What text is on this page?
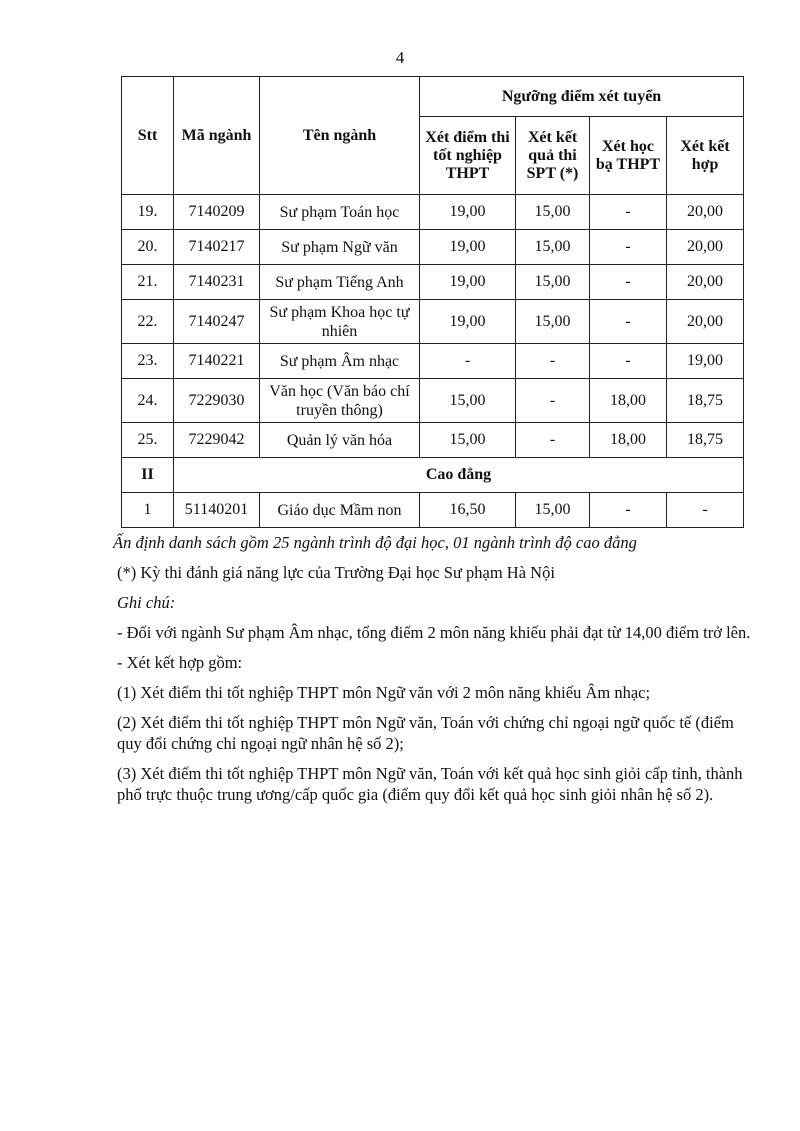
4
Stt	Mã ngành	Tên ngành	Ngưỡng điểm xét tuyển			
			Xét điểm thi tốt nghiệp THPT	Xét kết quả thi SPT (*)	Xét học bạ THPT	Xét kết hợp
19.	7140209	Sư phạm Toán học	19,00	15,00	-	20,00
20.	7140217	Sư phạm Ngữ văn	19,00	15,00	-	20,00
21.	7140231	Sư phạm Tiếng Anh	19,00	15,00	-	20,00
22.	7140247	Sư phạm Khoa học tự nhiên	19,00	15,00	-	20,00
23.	7140221	Sư phạm Âm nhạc	-	-	-	19,00
24.	7229030	Văn học (Văn báo chí truyền thông)	15,00	-	18,00	18,75
25.	7229042	Quản lý văn hóa	15,00	-	18,00	18,75
II	Cao đẳng					
1	51140201	Giáo dục Mầm non	16,50	15,00	-	-

Ấn định danh sách gồm 25 ngành trình độ đại học, 01 ngành trình độ cao đẳng

(*) Kỳ thi đánh giá năng lực của Trường Đại học Sư phạm Hà Nội

Ghi chú:

- Đối với ngành Sư phạm Âm nhạc, tổng điểm 2 môn năng khiếu phải đạt từ 14,00 điểm trở lên.

- Xét kết hợp gồm:

(1) Xét điểm thi tốt nghiệp THPT môn Ngữ văn với 2 môn năng khiếu Âm nhạc;

(2) Xét điểm thi tốt nghiệp THPT môn Ngữ văn, Toán với chứng chỉ ngoại ngữ quốc tế (điểm quy đổi chứng chỉ ngoại ngữ nhân hệ số 2);

(3) Xét điểm thi tốt nghiệp THPT môn Ngữ văn, Toán với kết quả học sinh giỏi cấp tỉnh, thành phố trực thuộc trung ương/cấp quốc gia (điểm quy đổi kết quả học sinh giỏi nhân hệ số 2).
